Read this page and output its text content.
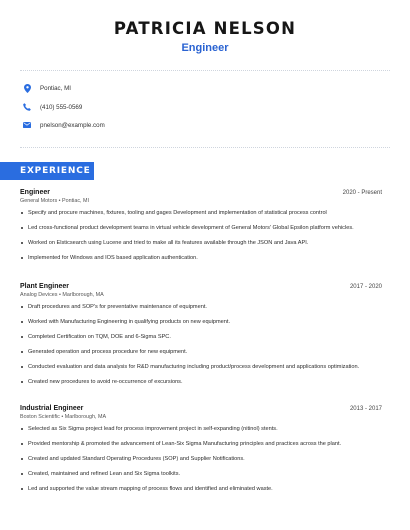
PATRICIA NELSON
Engineer
Pontiac, MI
(410) 555-0569
pnelson@example.com
EXPERIENCE
Engineer	2020 - Present
General Motors • Pontiac, MI
Specify and procure machines, fixtures, tooling and gages Development and implementation of statistical process control
Led cross-functional product development teams in virtual vehicle development of General Motors' Global Epsilon platform vehicles.
Worked on Elsticsearch using Lucene and tried to make all its features available through the JSON and Java API.
Implemented for Windows and IOS based application authentication.
Plant Engineer	2017 - 2020
Analog Devices • Marlborough, MA
Draft procedures and SOP's for preventative maintenance of equipment.
Worked with Manufacturing Engineering in qualifying products on new equipment.
Completed Certification on TQM, DOE and 6-Sigma SPC.
Generated operation and process procedure for new equipment.
Conducted evaluation and data analysis for R&D manufacturing including product/process development and applications optimization.
Created new procedures to avoid re-occurrence of excursions.
Industrial Engineer	2013 - 2017
Boston Scientific • Marlborough, MA
Selected as Six Sigma project lead for process improvement project in self-expanding (nitinol) stents.
Provided mentorship & promoted the advancement of Lean-Six Sigma Manufacturing principles and practices across the plant.
Created and updated Standard Operating Procedures (SOP) and Supplier Notifications.
Created, maintained and refined Lean and Six Sigma toolkits.
Led and supported the value stream mapping of process flows and identified and eliminated waste.
